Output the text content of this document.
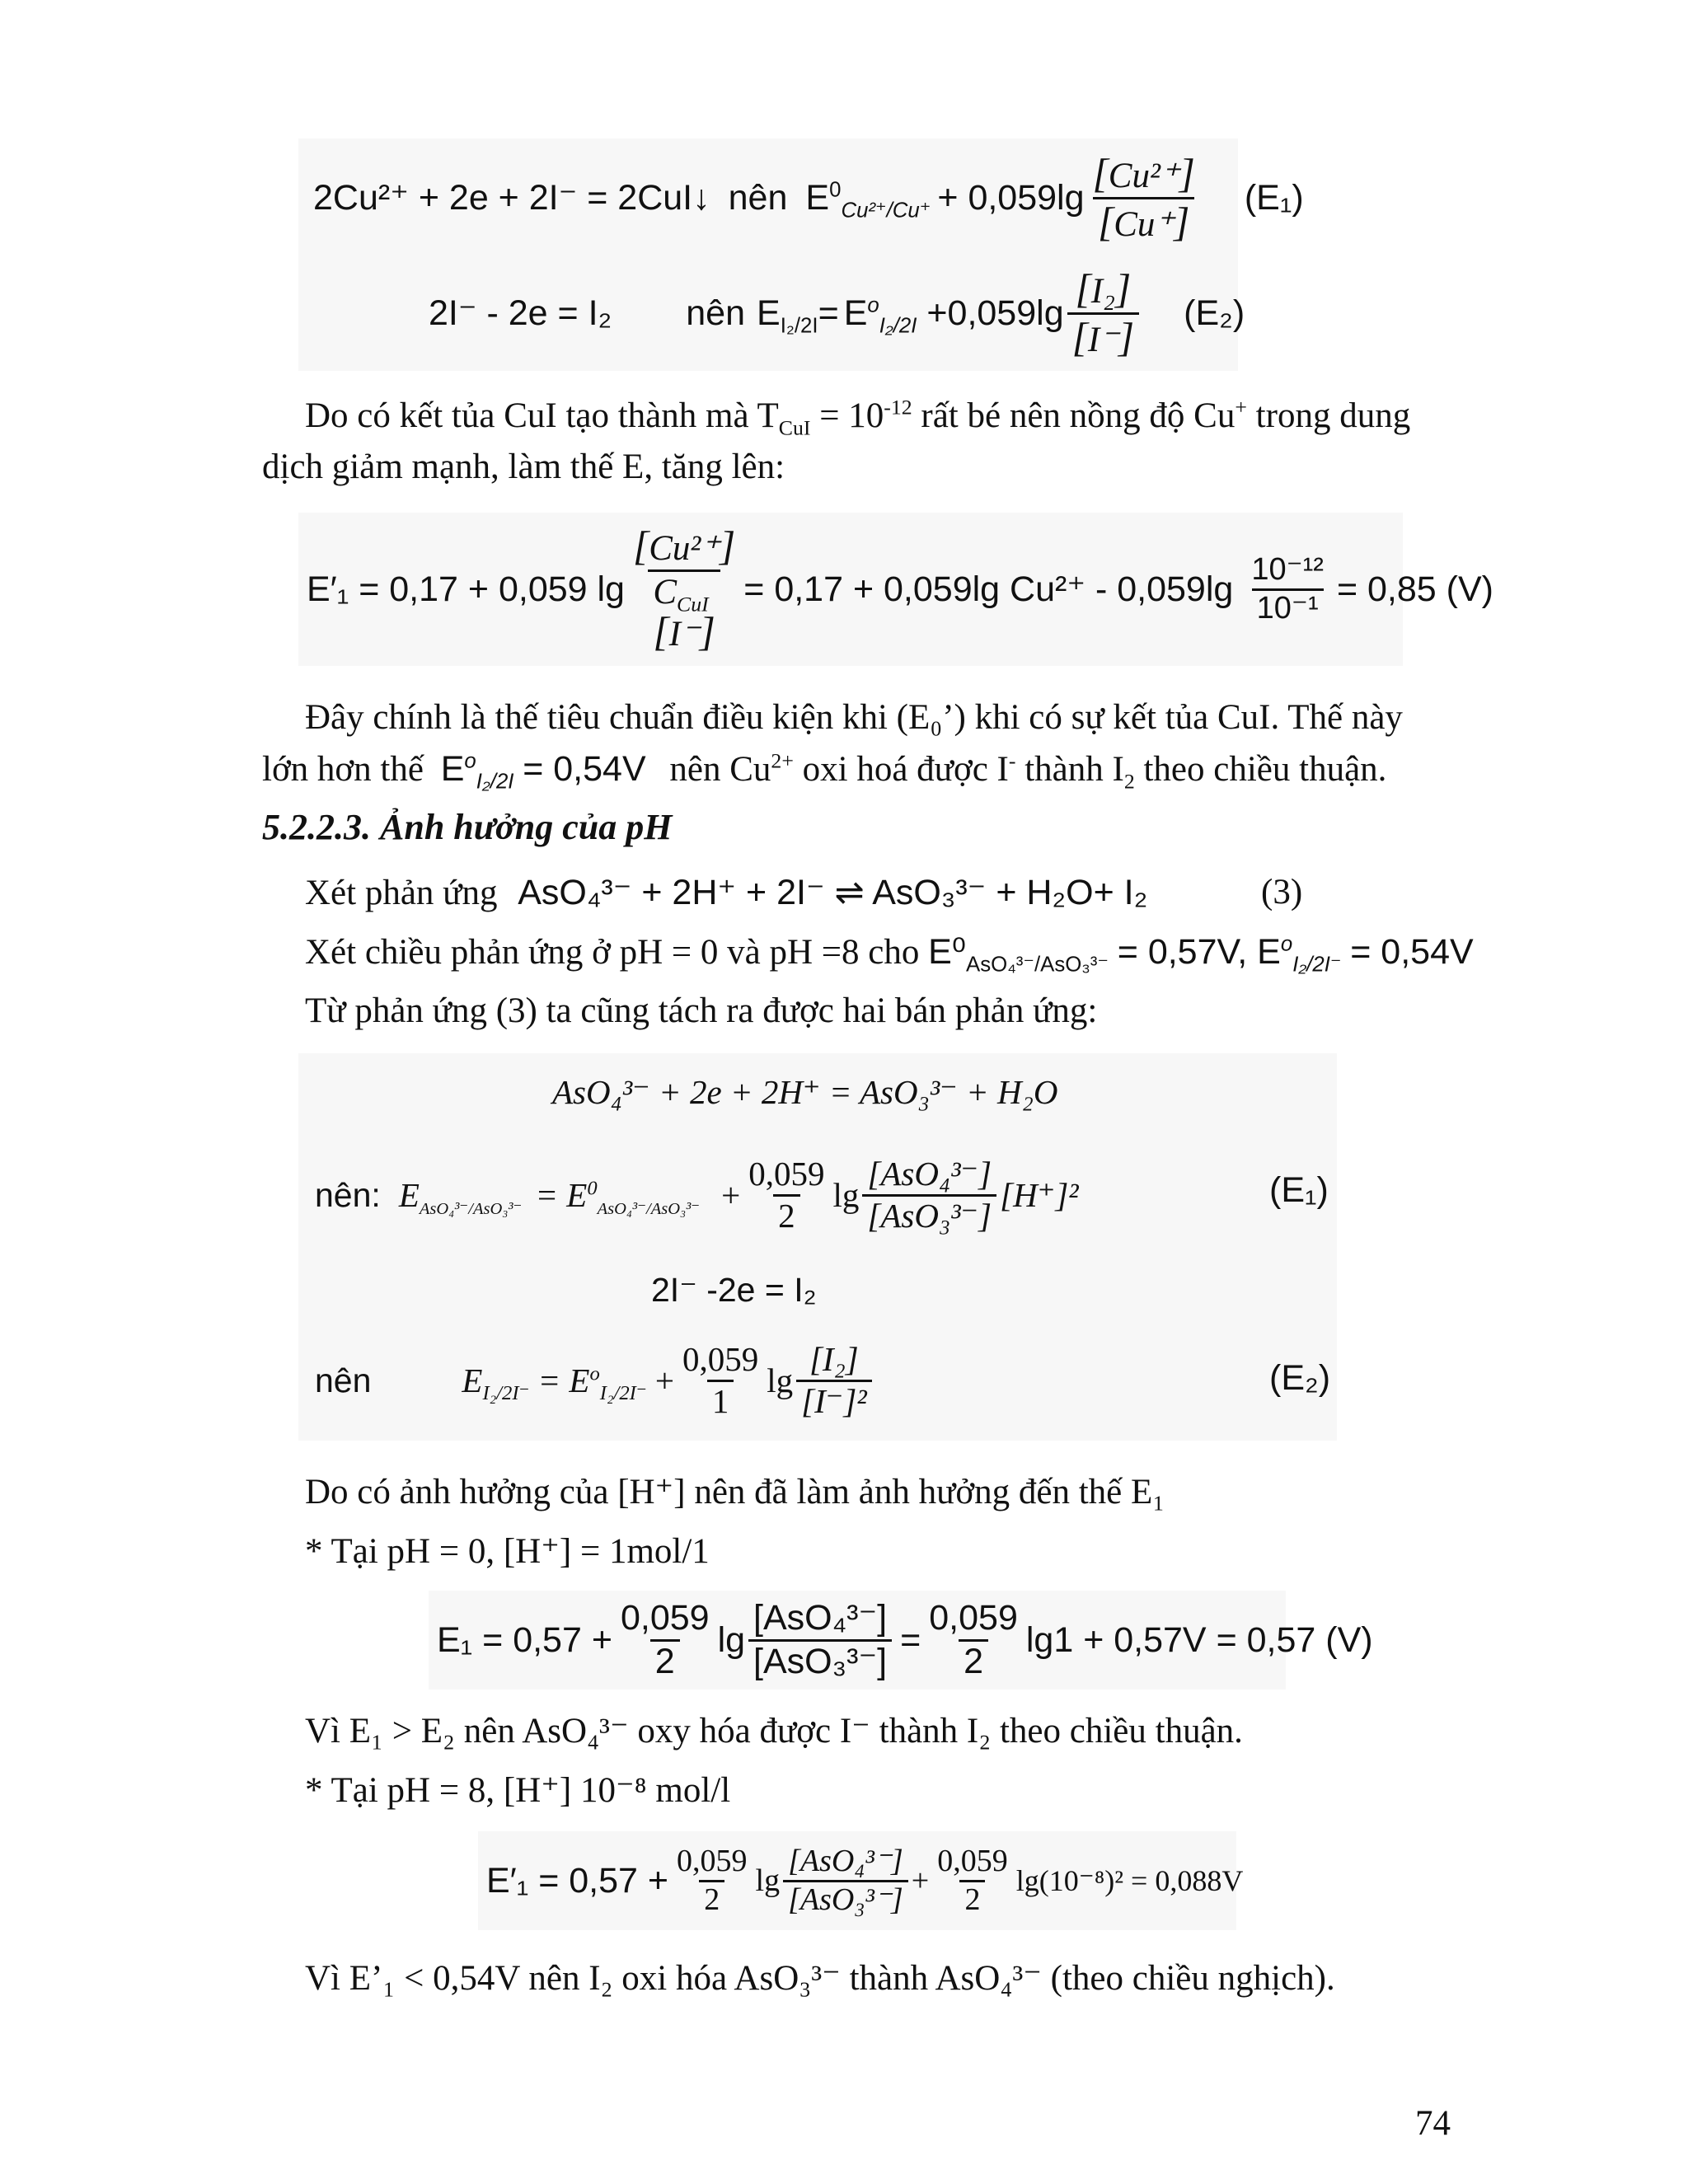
2Cu²⁺ + 2e + 2I⁻ = 2CuI↓ nên $E^0_{Cu^{2+}/Cu^+} + 0,059\lg \frac{\text{[Cu²⁺]}}{[Cu^+]} (E_1)$
2I⁻ - 2e = I₂ nên $E_{I_2/2I} = E^o_{I_2/2I} +0,059\lg \frac{\text{[I₂]}}{[I^-]} (E_2)$
Do có kết tủa CuI tạo thành mà $T_{CuI} = 10^{-12}$ rất bé nên nồng độ Cu+ trong dung
dịch giảm mạnh, làm thế E, tăng lên:
E′₁ = 0,17 + 0,059 lg
[Cu²⁺]
$C_{CuI}$
[I⁻]
= 0,17 + 0,059lg $Cu^{2+} - 0,059\lg \frac{\text{10⁻¹²}}{\text{10⁻¹}} = 0,85$ (V)
Đây chính là thế tiêu chuẩn điều kiện khi (E₀’) khi có sự kết tủa CuI. Thế này
lớn hơn thế $E^o_{I_2/2I} = 0,54V$ nên $Cu^{2+}$ oxi hoá được I- thành $I_2$ theo chiều thuận.
5.2.2.3. Ảnh hưởng của pH
Xét phản ứng AsO₄³⁻ + 2H⁺ + 2I⁻ ⇌ AsO₃³⁻ + H₂O+ I₂	(3)
Xét chiều phản ứng ở pH = 0 và pH =8 cho $E^0_{AsO_4^{3-}/AsO_3^{3-}} = 0,57V$, $E^o_{I_2/2I^-} = 0,54V$
Từ phản ứng (3) ta cũng tách ra được hai bán phản ứng:
AsO₄³⁻ + 2e + 2H⁺ = AsO₃³⁻ + H₂O
nên: $E_{AsO_4^{3-}/AsO_3^{3-}} = E^0_{AsO_4^{3-}/AsO_3^{3-}} + \frac{0,059}{2}$ $\lg \frac{\text{[AsO₄³⁻]}}{\text{[AsO₃³⁻]}} [H^+]^2$	(E₁)
2I⁻ -2e = I₂
nên	$E_{I_2/2I^-} = E^o_{I_2/2I^-} + \frac{0,059}{1}$ $\lg \frac{\text{[I₂]}}{\text{[I⁻]²}}$	(E₂)
Do có ảnh hưởng của [H⁺] nên đã làm ảnh hưởng đến thế E₁
* Tại pH = 0, [H⁺] = 1mol/1
$E_1 = 0,57 + \frac{0,059}{2}$ $\lg \frac{\text{[AsO₄³⁻]}}{\text{[AsO₃³⁻]}} = \frac{0,059}{2} \lg 1 + 0,57V = 0,57$ (V)
Vì E₁ > E₂ nên AsO₄³⁻ oxy hóa được I⁻ thành I₂ theo chiều thuận.
* Tại pH = 8, [H⁺] 10⁻⁸ mol/l
$E'_1 = 0,57 + \frac{0,059}{2}$ $\lg \frac{\text{[AsO₄³⁻]}}{\text{[AsO₃³⁻]}} + \frac{0,059}{2} \lg(10^{-8})^2 = 0,088V$
Vì E’₁ < 0,54V nên I₂ oxi hóa AsO₃³⁻ thành AsO₄³⁻ (theo chiều nghịch).
74
